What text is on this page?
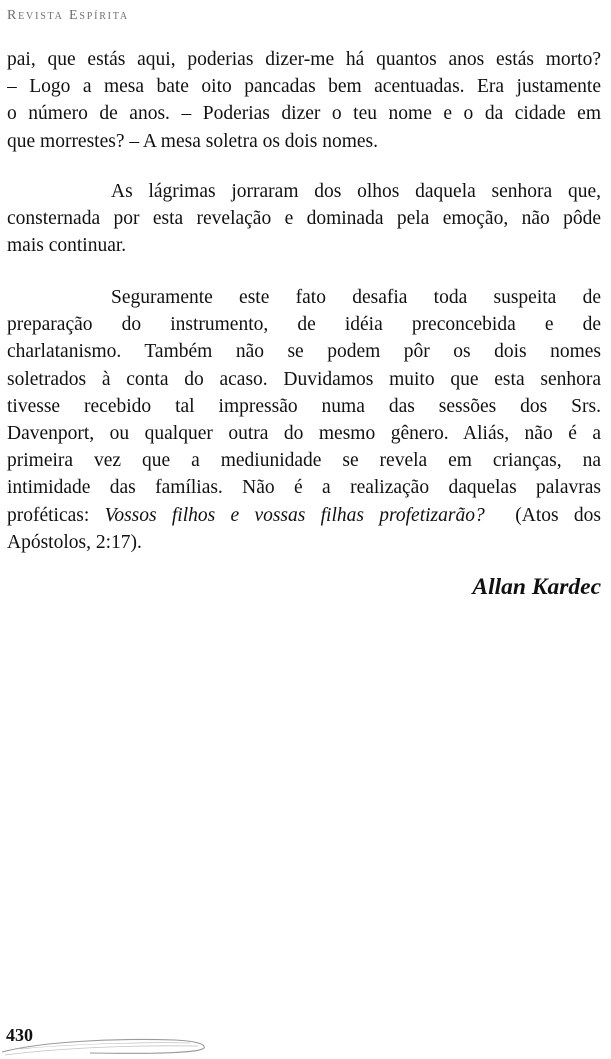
Revista Espírita
pai, que estás aqui, poderias dizer-me há quantos anos estás morto?
– Logo a mesa bate oito pancadas bem acentuadas. Era justamente
o número de anos. – Poderias dizer o teu nome e o da cidade em
que morrestes? – A mesa soletra os dois nomes.
As lágrimas jorraram dos olhos daquela senhora que,
consternada por esta revelação e dominada pela emoção, não pôde
mais continuar.
Seguramente este fato desafia toda suspeita de
preparação do instrumento, de idéia preconcebida e de
charlatanismo. Também não se podem pôr os dois nomes
soletrados à conta do acaso. Duvidamos muito que esta senhora
tivesse recebido tal impressão numa das sessões dos Srs.
Davenport, ou qualquer outra do mesmo gênero. Aliás, não é a
primeira vez que a mediunidade se revela em crianças, na
intimidade das famílias. Não é a realização daquelas palavras
proféticas: Vossos filhos e vossas filhas profetizarão?  (Atos dos
Apóstolos, 2:17).
Allan Kardec
430
